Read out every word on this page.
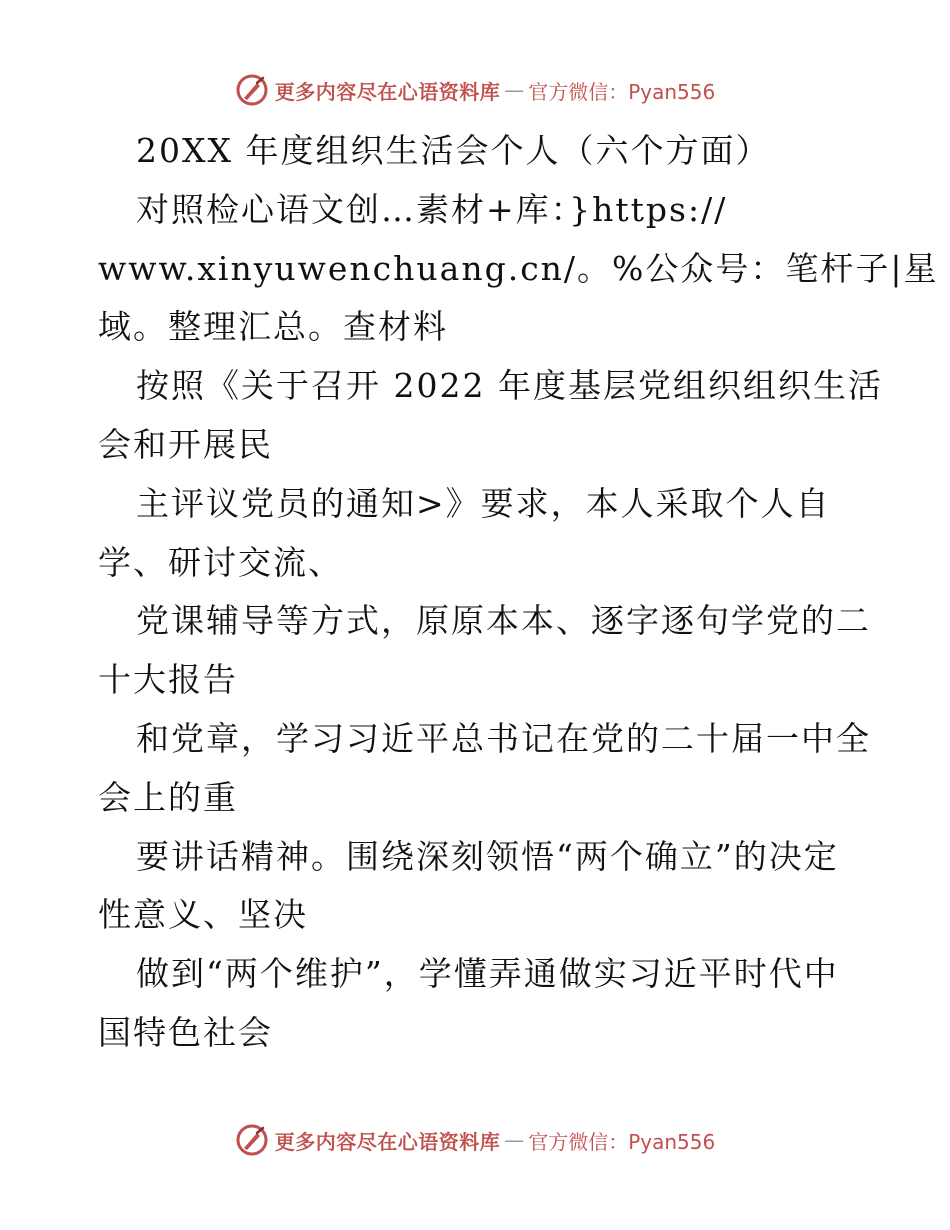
更多内容尽在心语资料库 — 官方微信：Pyan556
20XX 年度组织生活会个人（六个方面）
对照检心语文创…素材+库：}https://
www.xinyuwenchuang.cn/。%公众号：笔杆子|星
域。整理汇总。查材料
按照《关于召开 2022 年度基层党组织组织生活
会和开展民
主评议党员的通知>》要求，本人采取个人自
学、研讨交流、
党课辅导等方式，原原本本、逐字逐句学党的二
十大报告
和党章，学习习近平总书记在党的二十届一中全
会上的重
要讲话精神。围绕深刻领悟“两个确立”的决定
性意义、坚决
做到“两个维护”，学懂弄通做实习近平时代中
国特色社会
更多内容尽在心语资料库 — 官方微信：Pyan556
